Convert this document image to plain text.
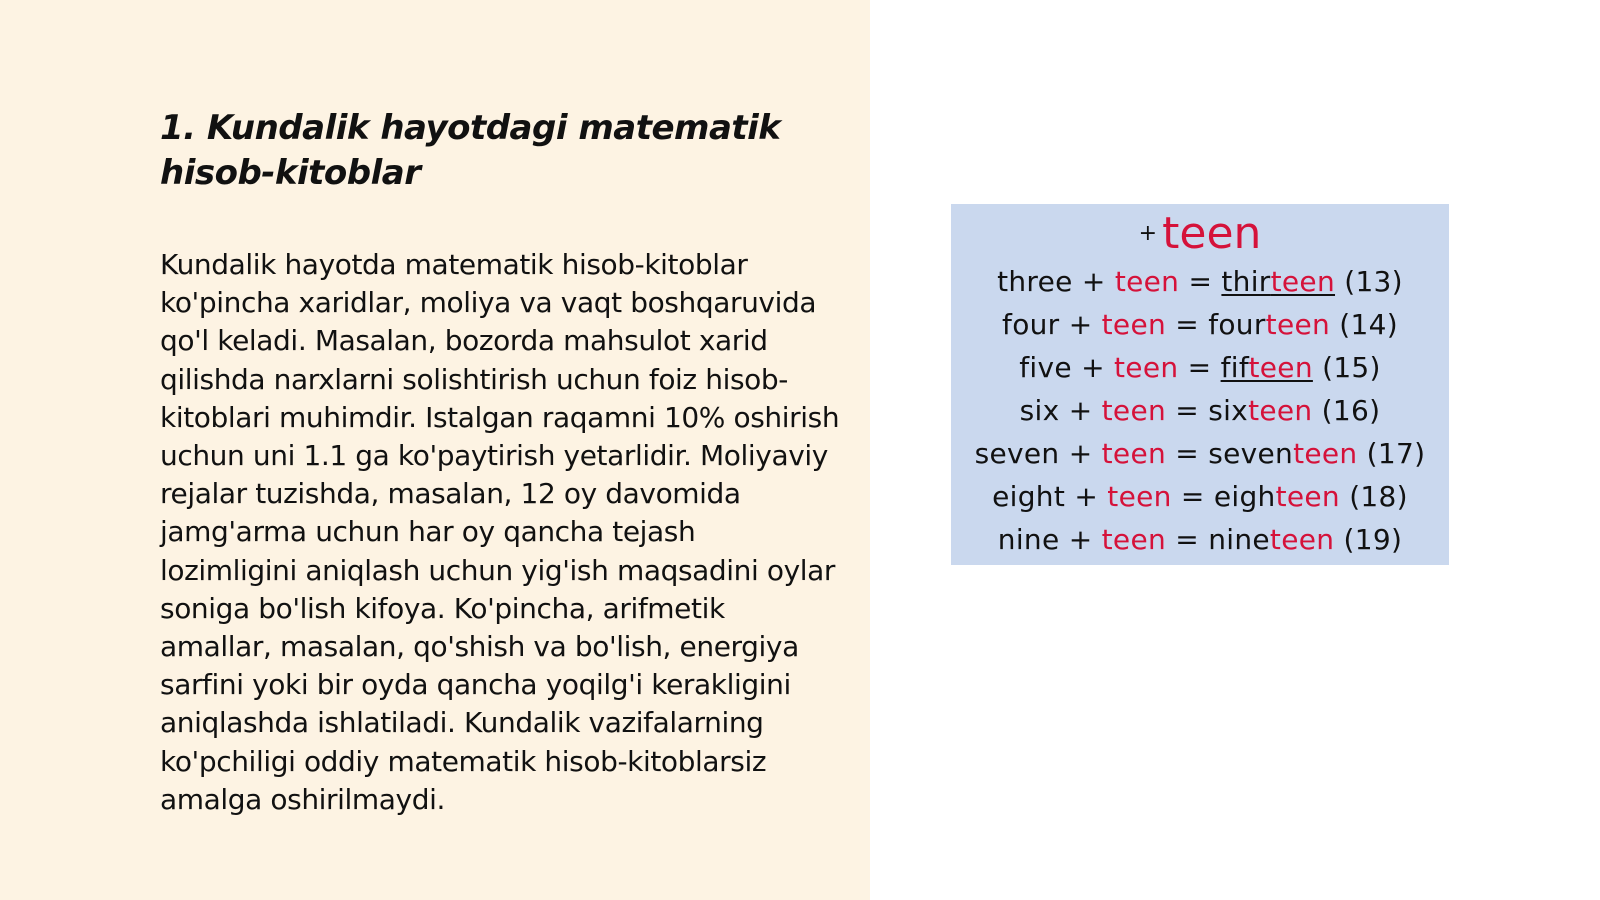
1. Kundalik hayotdagi matematik hisob-kitoblar

Kundalik hayotda matematik hisob-kitoblar ko'pincha xaridlar, moliya va vaqt boshqaruvida qo'l keladi. Masalan, bozorda mahsulot xarid qilishda narxlarni solishtirish uchun foiz hisob-kitoblari muhimdir. Istalgan raqamni 10% oshirish uchun uni 1.1 ga ko'paytirish yetarlidir. Moliyaviy rejalar tuzishda, masalan, 12 oy davomida jamg'arma uchun har oy qancha tejash lozimligini aniqlash uchun yig'ish maqsadini oylar soniga bo'lish kifoya. Ko'pincha, arifmetik amallar, masalan, qo'shish va bo'lish, energiya sarfini yoki bir oyda qancha yoqilg'i kerakligini aniqlashda ishlatiladi. Kundalik vazifalarning ko'pchiligi oddiy matematik hisob-kitoblarsiz amalga oshirilmaydi.

+ teen
three + teen = thirteen (13)
four + teen = fourteen (14)
five + teen = fifteen (15)
six + teen = sixteen (16)
seven + teen = seventeen (17)
eight + teen = eighteen (18)
nine + teen = nineteen (19)
